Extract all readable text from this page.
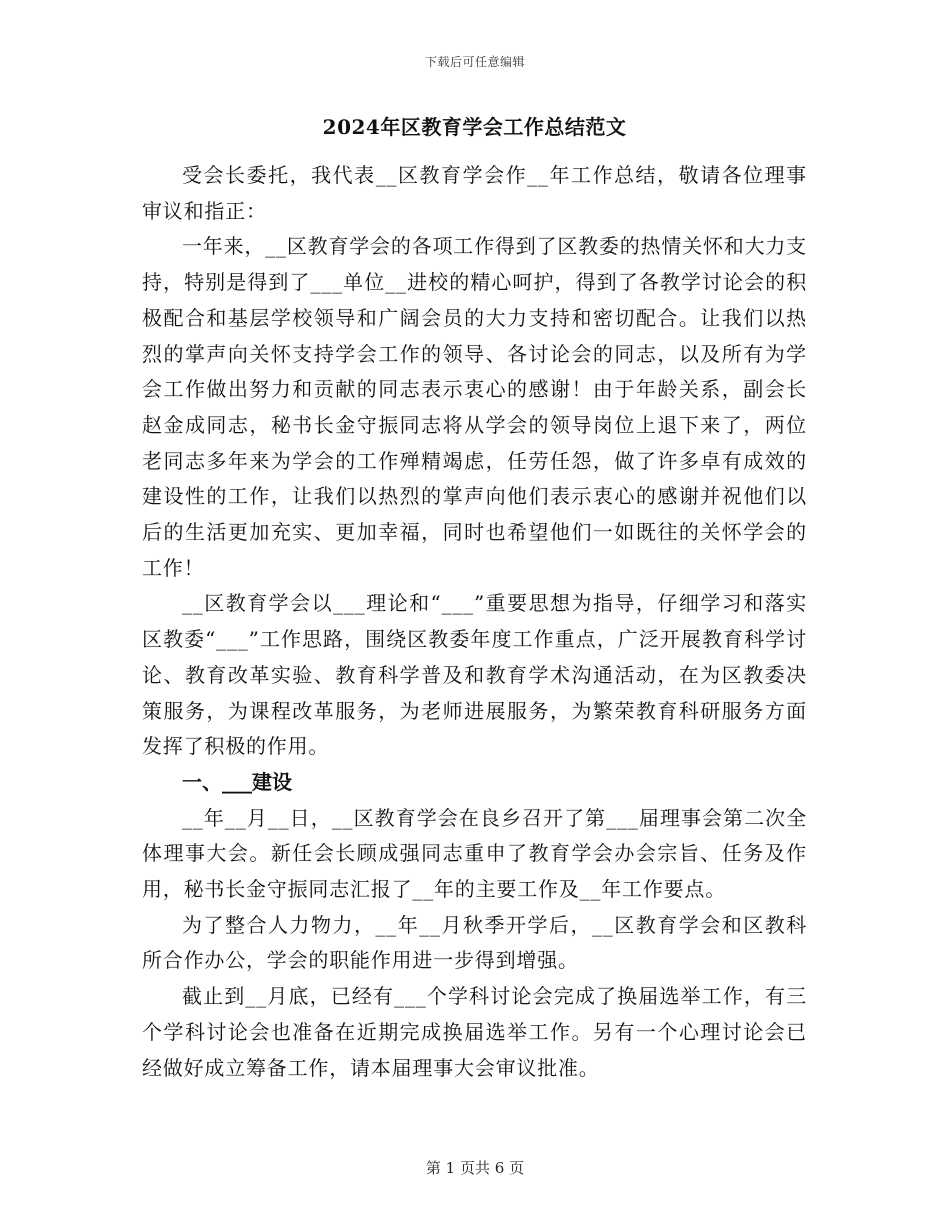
下载后可任意编辑
2024年区教育学会工作总结范文

受会长委托，我代表__区教育学会作__年工作总结，敬请各位理事审议和指正：

一年来，__区教育学会的各项工作得到了区教委的热情关怀和大力支持，特别是得到了___单位__进校的精心呵护，得到了各教学讨论会的积极配合和基层学校领导和广阔会员的大力支持和密切配合。让我们以热烈的掌声向关怀支持学会工作的领导、各讨论会的同志，以及所有为学会工作做出努力和贡献的同志表示衷心的感谢！由于年龄关系，副会长赵金成同志，秘书长金守振同志将从学会的领导岗位上退下来了，两位老同志多年来为学会的工作殚精竭虑，任劳任怨，做了许多卓有成效的建设性的工作，让我们以热烈的掌声向他们表示衷心的感谢并祝他们以后的生活更加充实、更加幸福，同时也希望他们一如既往的关怀学会的工作！

__区教育学会以___理论和“___”重要思想为指导，仔细学习和落实区教委“___”工作思路，围绕区教委年度工作重点，广泛开展教育科学讨论、教育改革实验、教育科学普及和教育学术沟通活动，在为区教委决策服务，为课程改革服务，为老师进展服务，为繁荣教育科研服务方面发挥了积极的作用。

一、___建设

__年__月__日，__区教育学会在良乡召开了第___届理事会第二次全体理事大会。新任会长顾成强同志重申了教育学会办会宗旨、任务及作用，秘书长金守振同志汇报了__年的主要工作及__年工作要点。

为了整合人力物力，__年__月秋季开学后，__区教育学会和区教科所合作办公，学会的职能作用进一步得到增强。

截止到__月底，已经有___个学科讨论会完成了换届选举工作，有三个学科讨论会也准备在近期完成换届选举工作。另有一个心理讨论会已经做好成立筹备工作，请本届理事大会审议批准。

第 1 页共 6 页
